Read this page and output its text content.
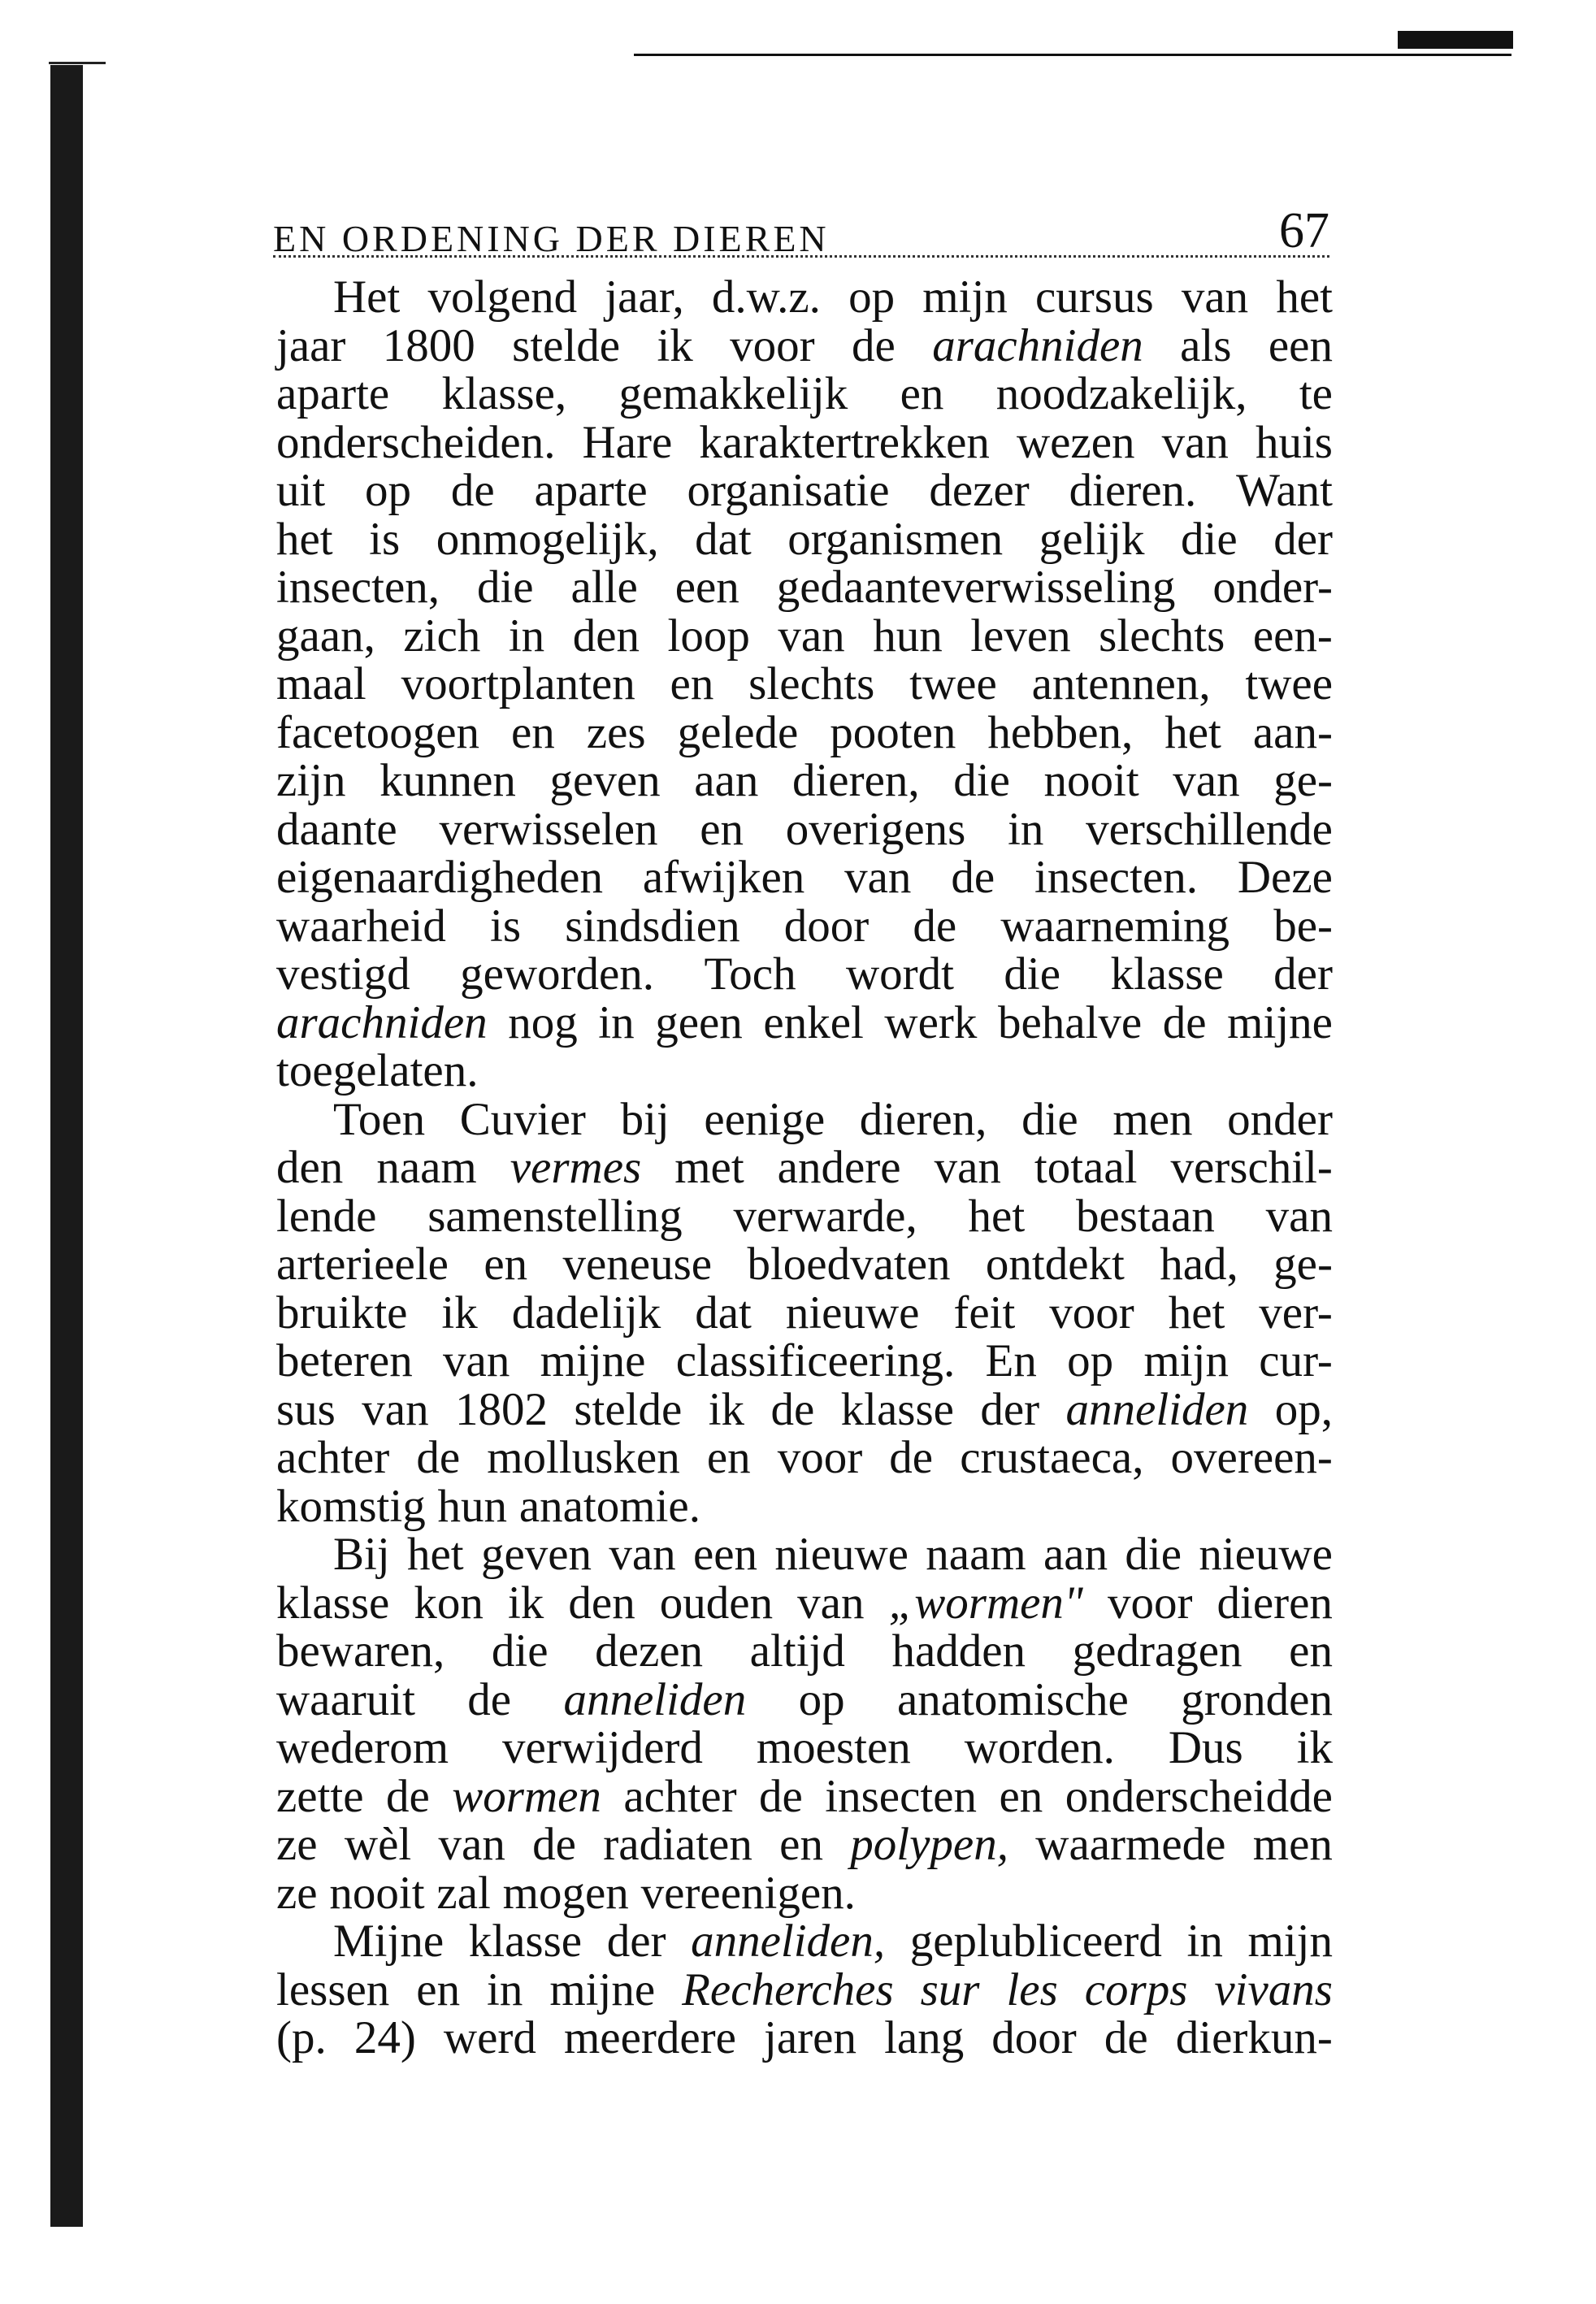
EN ORDENING DER DIEREN	67
Het volgend jaar, d.w.z. op mijn cursus van het
jaar 1800 stelde ik voor de arachniden als een
aparte klasse, gemakkelijk en noodzakelijk, te
onderscheiden. Hare karaktertrekken wezen van huis
uit op de aparte organisatie dezer dieren. Want
het is onmogelijk, dat organismen gelijk die der
insecten, die alle een gedaanteverwisseling onder-
gaan, zich in den loop van hun leven slechts een-
maal voortplanten en slechts twee antennen, twee
facetoogen en zes gelede pooten hebben, het aan-
zijn kunnen geven aan dieren, die nooit van ge-
daante verwisselen en overigens in verschillende
eigenaardigheden afwijken van de insecten. Deze
waarheid is sindsdien door de waarneming be-
vestigd geworden. Toch wordt die klasse der
arachniden nog in geen enkel werk behalve de mijne
toegelaten.
Toen Cuvier bij eenige dieren, die men onder
den naam vermes met andere van totaal verschil-
lende samenstelling verwarde, het bestaan van
arterieele en veneuse bloedvaten ontdekt had, ge-
bruikte ik dadelijk dat nieuwe feit voor het ver-
beteren van mijne classificeering. En op mijn cur-
sus van 1802 stelde ik de klasse der anneliden op,
achter de mollusken en voor de crustaeca, overeen-
komstig hun anatomie.
Bij het geven van een nieuwe naam aan die nieuwe
klasse kon ik den ouden van „wormen" voor dieren
bewaren, die dezen altijd hadden gedragen en
waaruit de anneliden op anatomische gronden
wederom verwijderd moesten worden. Dus ik
zette de wormen achter de insecten en onderscheidde
ze wèl van de radiaten en polypen, waarmede men
ze nooit zal mogen vereenigen.
Mijne klasse der anneliden, geplubliceerd in mijn
lessen en in mijne Recherches sur les corps vivans
(p. 24) werd meerdere jaren lang door de dierkun-
